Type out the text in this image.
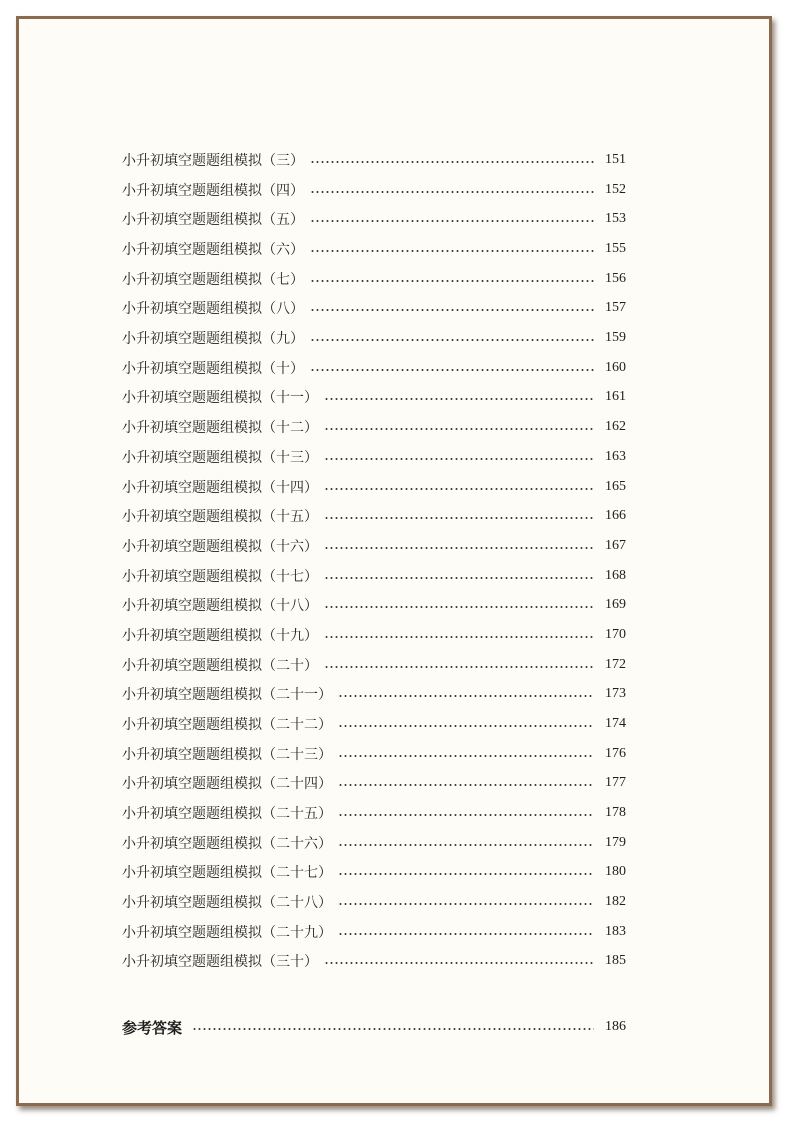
小升初填空题题组模拟（三）	151
小升初填空题题组模拟（四）	152
小升初填空题题组模拟（五）	153
小升初填空题题组模拟（六）	155
小升初填空题题组模拟（七）	156
小升初填空题题组模拟（八）	157
小升初填空题题组模拟（九）	159
小升初填空题题组模拟（十）	160
小升初填空题题组模拟（十一）	161
小升初填空题题组模拟（十二）	162
小升初填空题题组模拟（十三）	163
小升初填空题题组模拟（十四）	165
小升初填空题题组模拟（十五）	166
小升初填空题题组模拟（十六）	167
小升初填空题题组模拟（十七）	168
小升初填空题题组模拟（十八）	169
小升初填空题题组模拟（十九）	170
小升初填空题题组模拟（二十）	172
小升初填空题题组模拟（二十一）	173
小升初填空题题组模拟（二十二）	174
小升初填空题题组模拟（二十三）	176
小升初填空题题组模拟（二十四）	177
小升初填空题题组模拟（二十五）	178
小升初填空题题组模拟（二十六）	179
小升初填空题题组模拟（二十七）	180
小升初填空题题组模拟（二十八）	182
小升初填空题题组模拟（二十九）	183
小升初填空题题组模拟（三十）	185
参考答案	186
